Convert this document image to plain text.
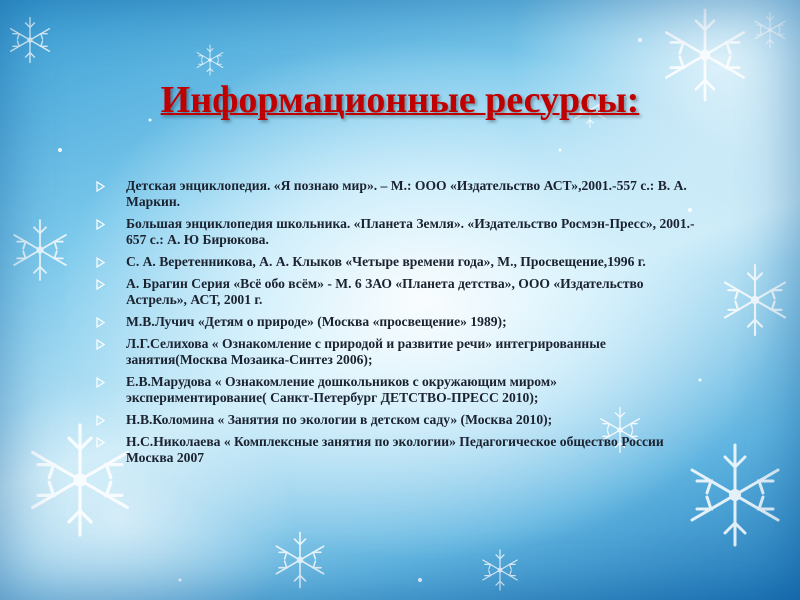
Информационные ресурсы:
Детская энциклопедия. «Я познаю мир». – М.: ООО «Издательство АСТ»,2001.-557 с.: В. А. Маркин.
Большая энциклопедия школьника. «Планета Земля». «Издательство Росмэн-Пресс», 2001.- 657 с.: А. Ю Бирюкова.
С. А. Веретенникова, А. А. Клыков «Четыре времени года», М., Просвещение,1996 г.
А. Брагин Серия «Всё обо всём» - М. 6 ЗАО «Планета детства», ООО «Издательство Астрель», АСТ, 2001 г.
М.В.Лучич «Детям о природе» (Москва «просвещение» 1989);
Л.Г.Селихова « Ознакомление с природой и развитие речи» интегрированные занятия(Москва Мозаика-Синтез 2006);
Е.В.Марудова « Ознакомление дошкольников с окружающим миром» экспериментирование( Санкт-Петербург ДЕТСТВО-ПРЕСС 2010);
Н.В.Коломина « Занятия по экологии в детском саду» (Москва 2010);
Н.С.Николаева « Комплексные занятия по экологии» Педагогическое общество России Москва 2007
